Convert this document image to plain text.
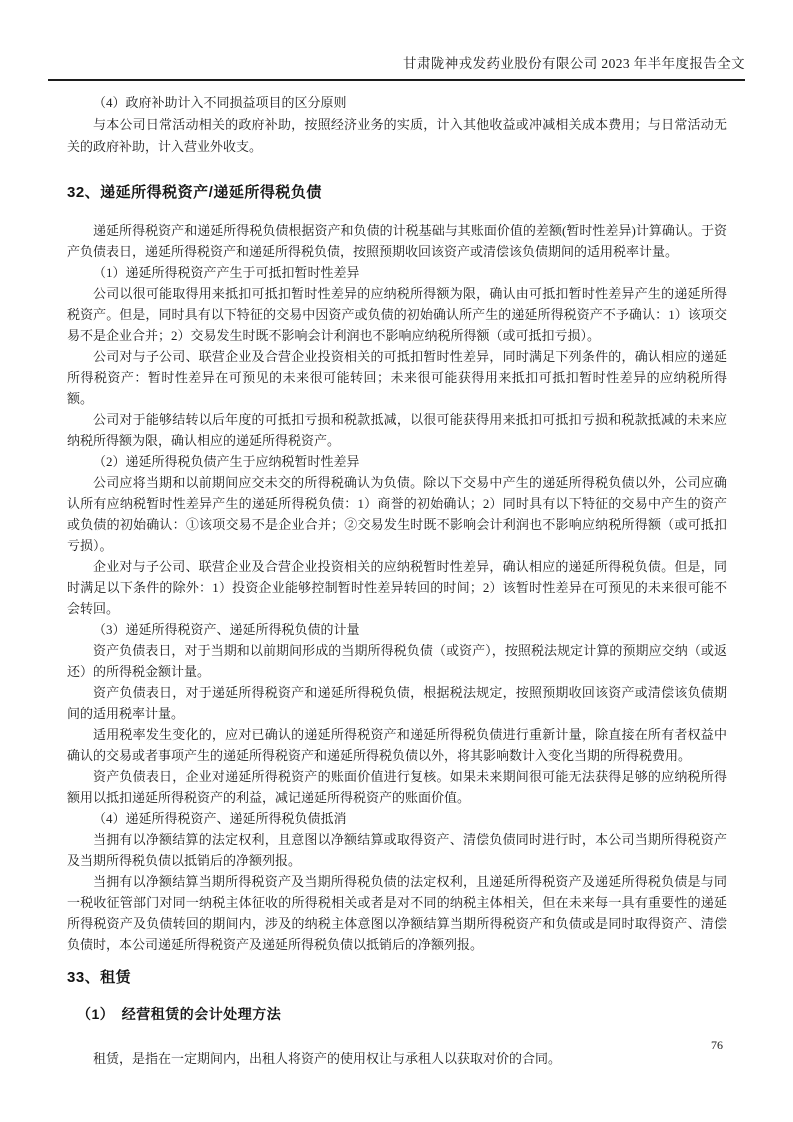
甘肃陇神戎发药业股份有限公司 2023 年半年度报告全文

（4）政府补助计入不同损益项目的区分原则

与本公司日常活动相关的政府补助，按照经济业务的实质，计入其他收益或冲减相关成本费用；与日常活动无关的政府补助，计入营业外收支。

32、递延所得税资产/递延所得税负债

递延所得税资产和递延所得税负债根据资产和负债的计税基础与其账面价值的差额(暂时性差异)计算确认。于资产负债表日，递延所得税资产和递延所得税负债，按照预期收回该资产或清偿该负债期间的适用税率计量。

（1）递延所得税资产产生于可抵扣暂时性差异

公司以很可能取得用来抵扣可抵扣暂时性差异的应纳税所得额为限，确认由可抵扣暂时性差异产生的递延所得税资产。但是，同时具有以下特征的交易中因资产或负债的初始确认所产生的递延所得税资产不予确认：1）该项交易不是企业合并；2）交易发生时既不影响会计利润也不影响应纳税所得额（或可抵扣亏损）。

公司对与子公司、联营企业及合营企业投资相关的可抵扣暂时性差异，同时满足下列条件的，确认相应的递延所得税资产：暂时性差异在可预见的未来很可能转回；未来很可能获得用来抵扣可抵扣暂时性差异的应纳税所得额。

公司对于能够结转以后年度的可抵扣亏损和税款抵减，以很可能获得用来抵扣可抵扣亏损和税款抵减的未来应纳税所得额为限，确认相应的递延所得税资产。

（2）递延所得税负债产生于应纳税暂时性差异

公司应将当期和以前期间应交未交的所得税确认为负债。除以下交易中产生的递延所得税负债以外，公司应确认所有应纳税暂时性差异产生的递延所得税负债：1）商誉的初始确认；2）同时具有以下特征的交易中产生的资产或负债的初始确认：①该项交易不是企业合并；②交易发生时既不影响会计利润也不影响应纳税所得额（或可抵扣亏损）。

企业对与子公司、联营企业及合营企业投资相关的应纳税暂时性差异，确认相应的递延所得税负债。但是，同时满足以下条件的除外：1）投资企业能够控制暂时性差异转回的时间；2）该暂时性差异在可预见的未来很可能不会转回。

（3）递延所得税资产、递延所得税负债的计量

资产负债表日，对于当期和以前期间形成的当期所得税负债（或资产），按照税法规定计算的预期应交纳（或返还）的所得税金额计量。

资产负债表日，对于递延所得税资产和递延所得税负债，根据税法规定，按照预期收回该资产或清偿该负债期间的适用税率计量。

适用税率发生变化的，应对已确认的递延所得税资产和递延所得税负债进行重新计量，除直接在所有者权益中确认的交易或者事项产生的递延所得税资产和递延所得税负债以外，将其影响数计入变化当期的所得税费用。

资产负债表日，企业对递延所得税资产的账面价值进行复核。如果未来期间很可能无法获得足够的应纳税所得额用以抵扣递延所得税资产的利益，减记递延所得税资产的账面价值。

（4）递延所得税资产、递延所得税负债抵消

当拥有以净额结算的法定权利，且意图以净额结算或取得资产、清偿负债同时进行时，本公司当期所得税资产及当期所得税负债以抵销后的净额列报。

当拥有以净额结算当期所得税资产及当期所得税负债的法定权利，且递延所得税资产及递延所得税负债是与同一税收征管部门对同一纳税主体征收的所得税相关或者是对不同的纳税主体相关，但在未来每一具有重要性的递延所得税资产及负债转回的期间内，涉及的纳税主体意图以净额结算当期所得税资产和负债或是同时取得资产、清偿负债时，本公司递延所得税资产及递延所得税负债以抵销后的净额列报。

33、租赁
（1）　经营租赁的会计处理方法

租赁，是指在一定期间内，出租人将资产的使用权让与承租人以获取对价的合同。

76
